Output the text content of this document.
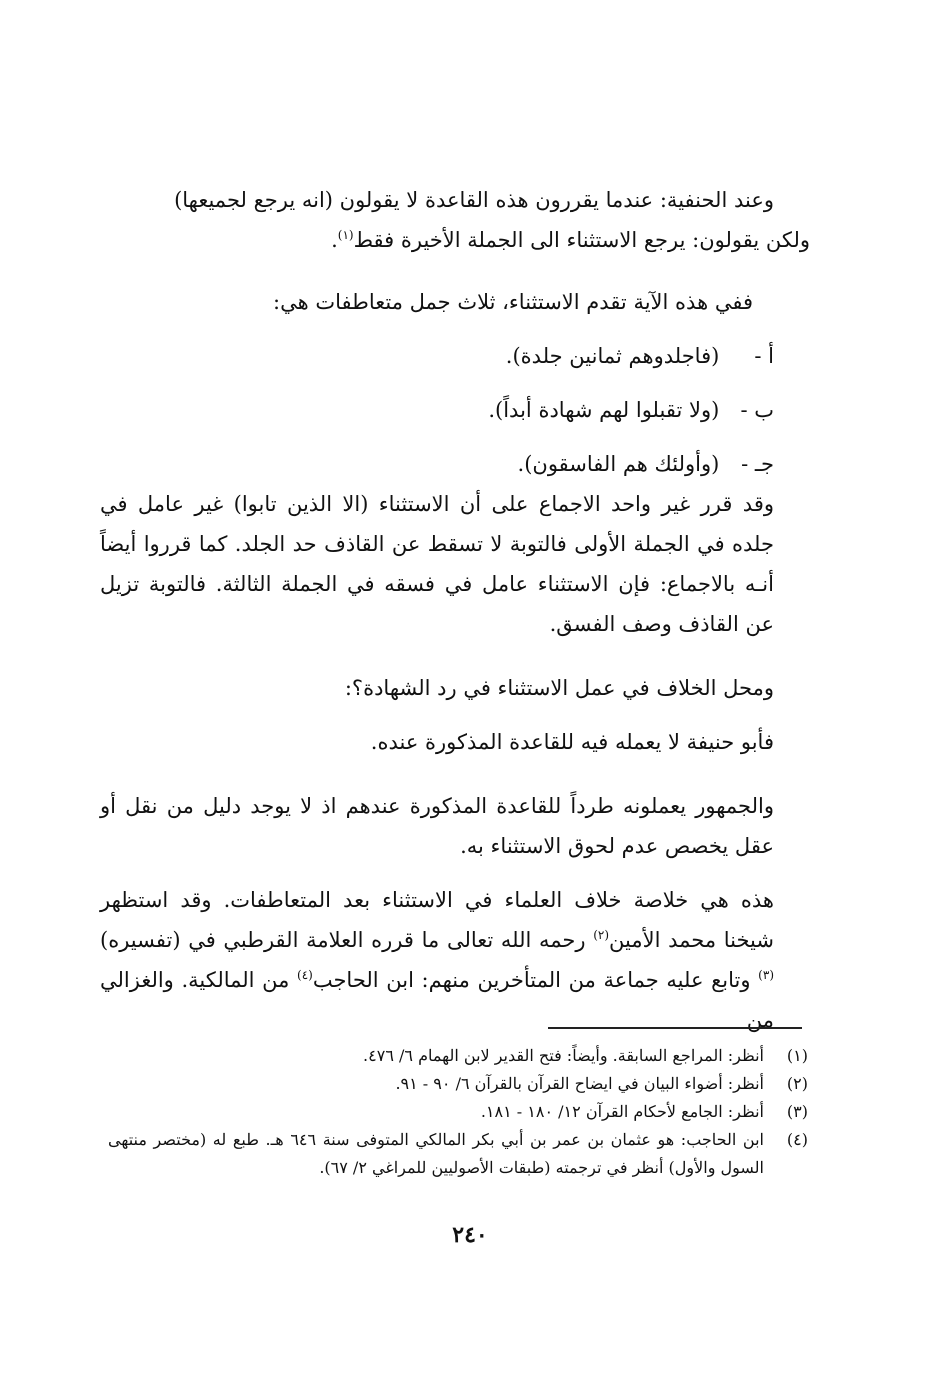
وعند الحنفية: عندما يقررون هذه القاعدة لا يقولون (انه يرجع لجميعها)

ولكن يقولون: يرجع الاستثناء الى الجملة الأخيرة فقط$^{(١)}$.

ففي هذه الآية تقدم الاستثناء، ثلاث جمل متعاطفات هي:

أ - (فاجلدوهم ثمانين جلدة).
ب - (ولا تقبلوا لهم شهادة أبداً).
جـ - (وأولئك هم الفاسقون).

وقد قرر غير واحد الاجماع على أن الاستثناء (الا الذين تابوا) غير عامل في جلده في الجملة الأولى فالتوبة لا تسقط عن القاذف حد الجلد. كما قرروا أيضاً أنـه بالاجماع: فإن الاستثناء عامل في فسقه في الجملة الثالثة. فالتوبة تزيل عن القاذف وصف الفسق.

ومحل الخلاف في عمل الاستثناء في رد الشهادة؟:

فأبو حنيفة لا يعمله فيه للقاعدة المذكورة عنده.

والجمهور يعملونه طرداً للقاعدة المذكورة عندهم اذ لا يوجد دليل من نقل أو عقل يخصص عدم لحوق الاستثناء به.

هذه هي خلاصة خلاف العلماء في الاستثناء بعد المتعاطفات. وقد استظهر شيخنا محمد الأمين$^{(٢)}$ رحمه الله تعالى ما قرره العلامة القرطبي في (تفسيره)$^{(٣)}$ وتابع عليه جماعة من المتأخرين منهم: ابن الحاجب$^{(٤)}$ من المالكية. والغزالي من

(١)
أنظر: المراجع السابقة. وأيضاً: فتح القدير لابن الهمام ٦/ ٤٧٦.
(٢)
أنظر: أضواء البيان في ايضاح القرآن بالقرآن ٦/ ٩٠ - ٩١.
(٣)
أنظر: الجامع لأحكام القرآن ١٢/ ١٨٠ - ١٨١.
(٤)
ابن الحاجب: هو عثمان بن عمر بن أبي بكر المالكي المتوفى سنة ٦٤٦ هـ. طبع له (مختصر منتهى السول والأول) أنظر في ترجمته (طبقات الأصوليين للمراغي ٢/ ٦٧).
٢٤٠
